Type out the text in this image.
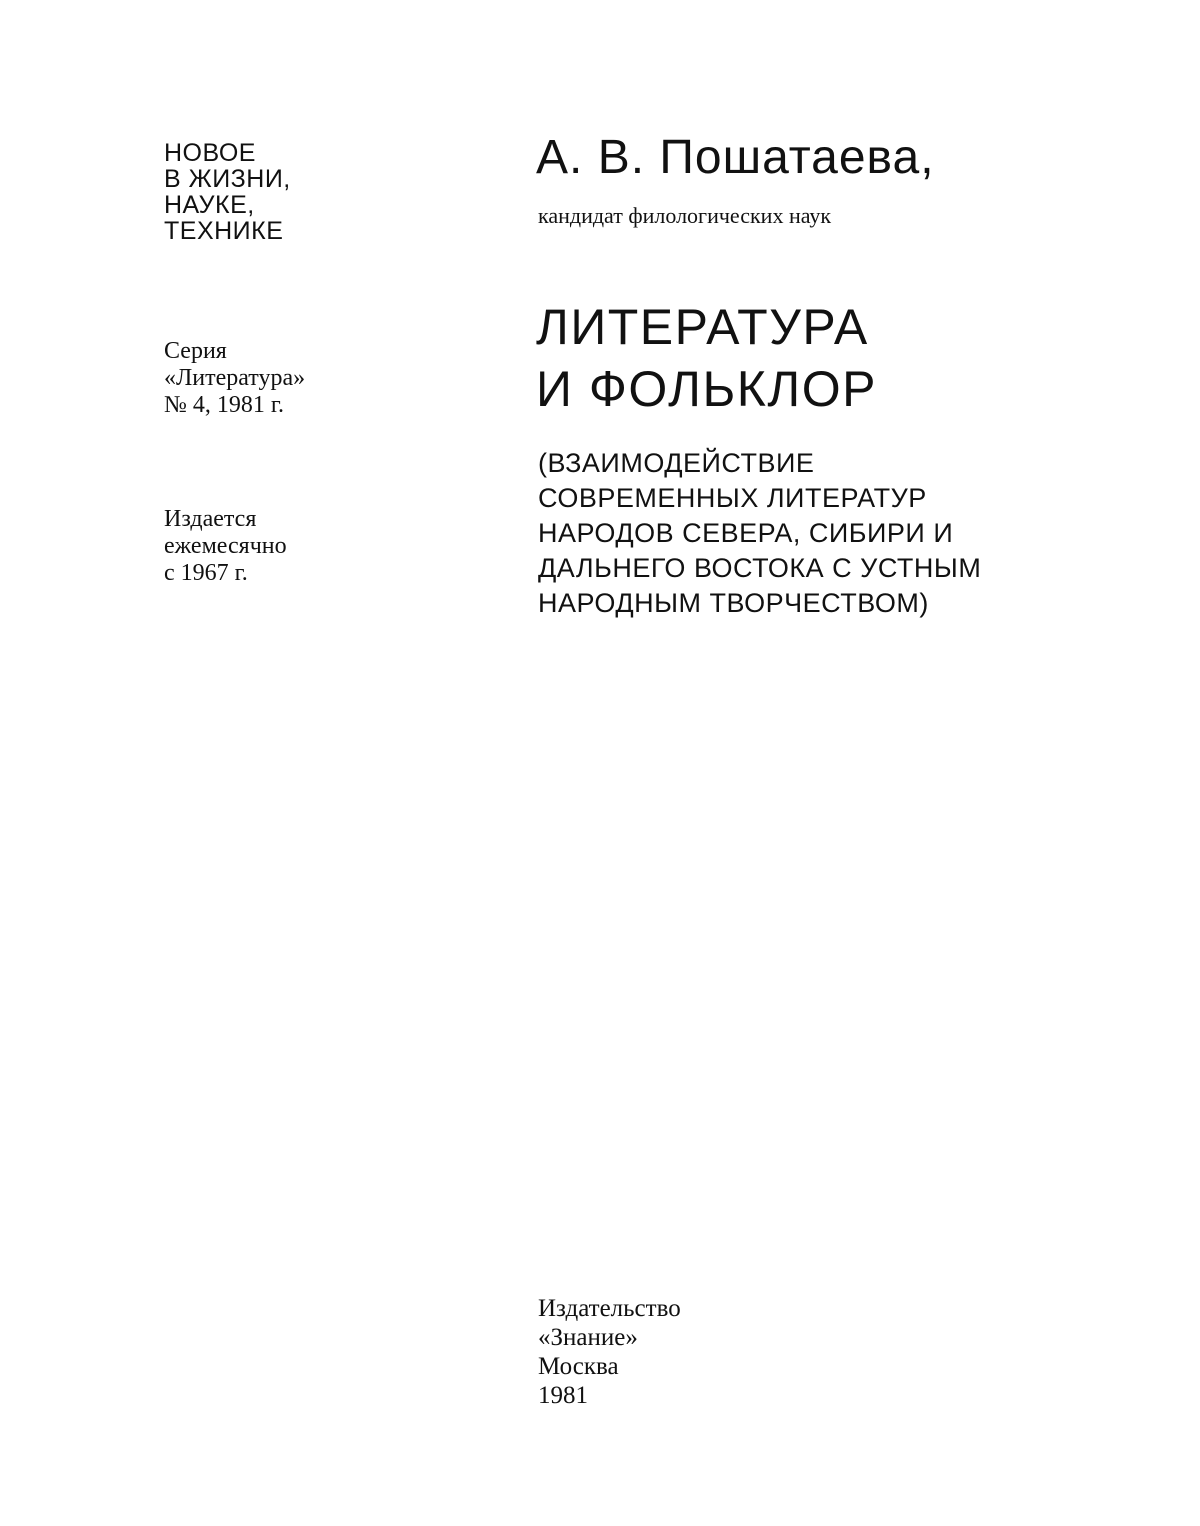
НОВОЕ
В ЖИЗНИ,
НАУКЕ,
ТЕХНИКЕ
Серия
«Литература»
№ 4, 1981 г.
Издается
ежемесячно
с 1967 г.
А. В. Пошатаева,
кандидат филологических наук
ЛИТЕРАТУРА
И ФОЛЬКЛОР
(ВЗАИМОДЕЙСТВИЕ
СОВРЕМЕННЫХ ЛИТЕРАТУР
НАРОДОВ СЕВЕРА, СИБИРИ И
ДАЛЬНЕГО ВОСТОКА С УСТНЫМ
НАРОДНЫМ ТВОРЧЕСТВОМ)
Издательство
«Знание»
Москва
1981
